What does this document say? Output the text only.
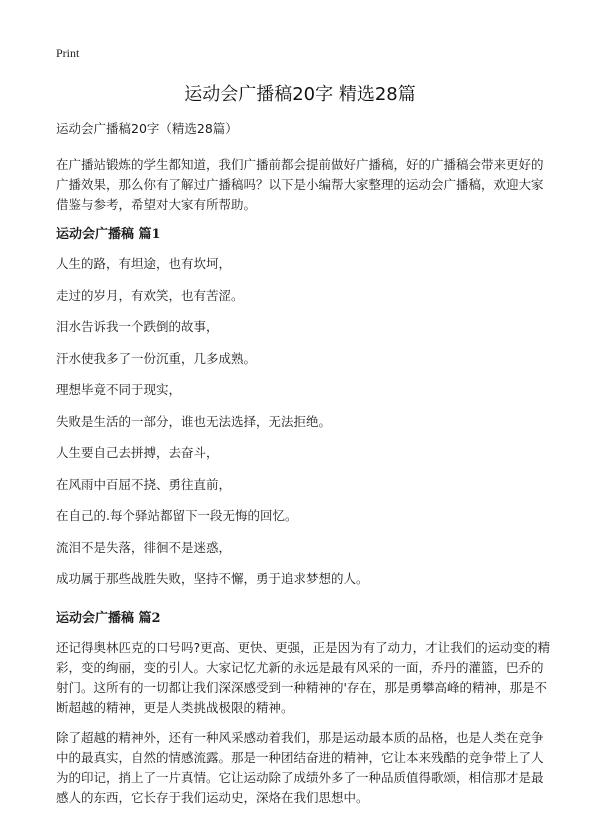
Print
运动会广播稿20字 精选28篇

运动会广播稿20字（精选28篇）

在广播站锻炼的学生都知道，我们广播前都会提前做好广播稿，好的广播稿会带来更好的广播效果，那么你有了解过广播稿吗？以下是小编帮大家整理的运动会广播稿，欢迎大家借鉴与参考，希望对大家有所帮助。

运动会广播稿 篇1

人生的路，有坦途，也有坎坷，

走过的岁月，有欢笑，也有苦涩。

泪水告诉我一个跌倒的故事，

汗水使我多了一份沉重，几多成熟。

理想毕竟不同于现实，

失败是生活的一部分，谁也无法选择，无法拒绝。

人生要自己去拼搏，去奋斗，

在风雨中百屈不挠、勇往直前，

在自己的.每个驿站都留下一段无悔的回忆。

流泪不是失落，徘徊不是迷惑，

成功属于那些战胜失败，坚持不懈，勇于追求梦想的人。

运动会广播稿 篇2

还记得奥林匹克的口号吗?更高、更快、更强，正是因为有了动力，才让我们的运动变的精彩，变的绚丽，变的引人。大家记忆尤新的永远是最有风采的一面，乔丹的灌篮，巴乔的射门。这所有的一切都让我们深深感受到一种精神的'存在，那是勇攀高峰的精神，那是不断超越的精神，更是人类挑战极限的精神。

除了超越的精神外，还有一种风采感动着我们，那是运动最本质的品格，也是人类在竞争中的最真实，自然的情感流露。那是一种团结奋进的精神，它让本来残酷的竞争带上了人为的印记，捎上了一片真情。它让运动除了成绩外多了一种品质值得歌颂，相信那才是最感人的东西，它长存于我们运动史，深烙在我们思想中。
